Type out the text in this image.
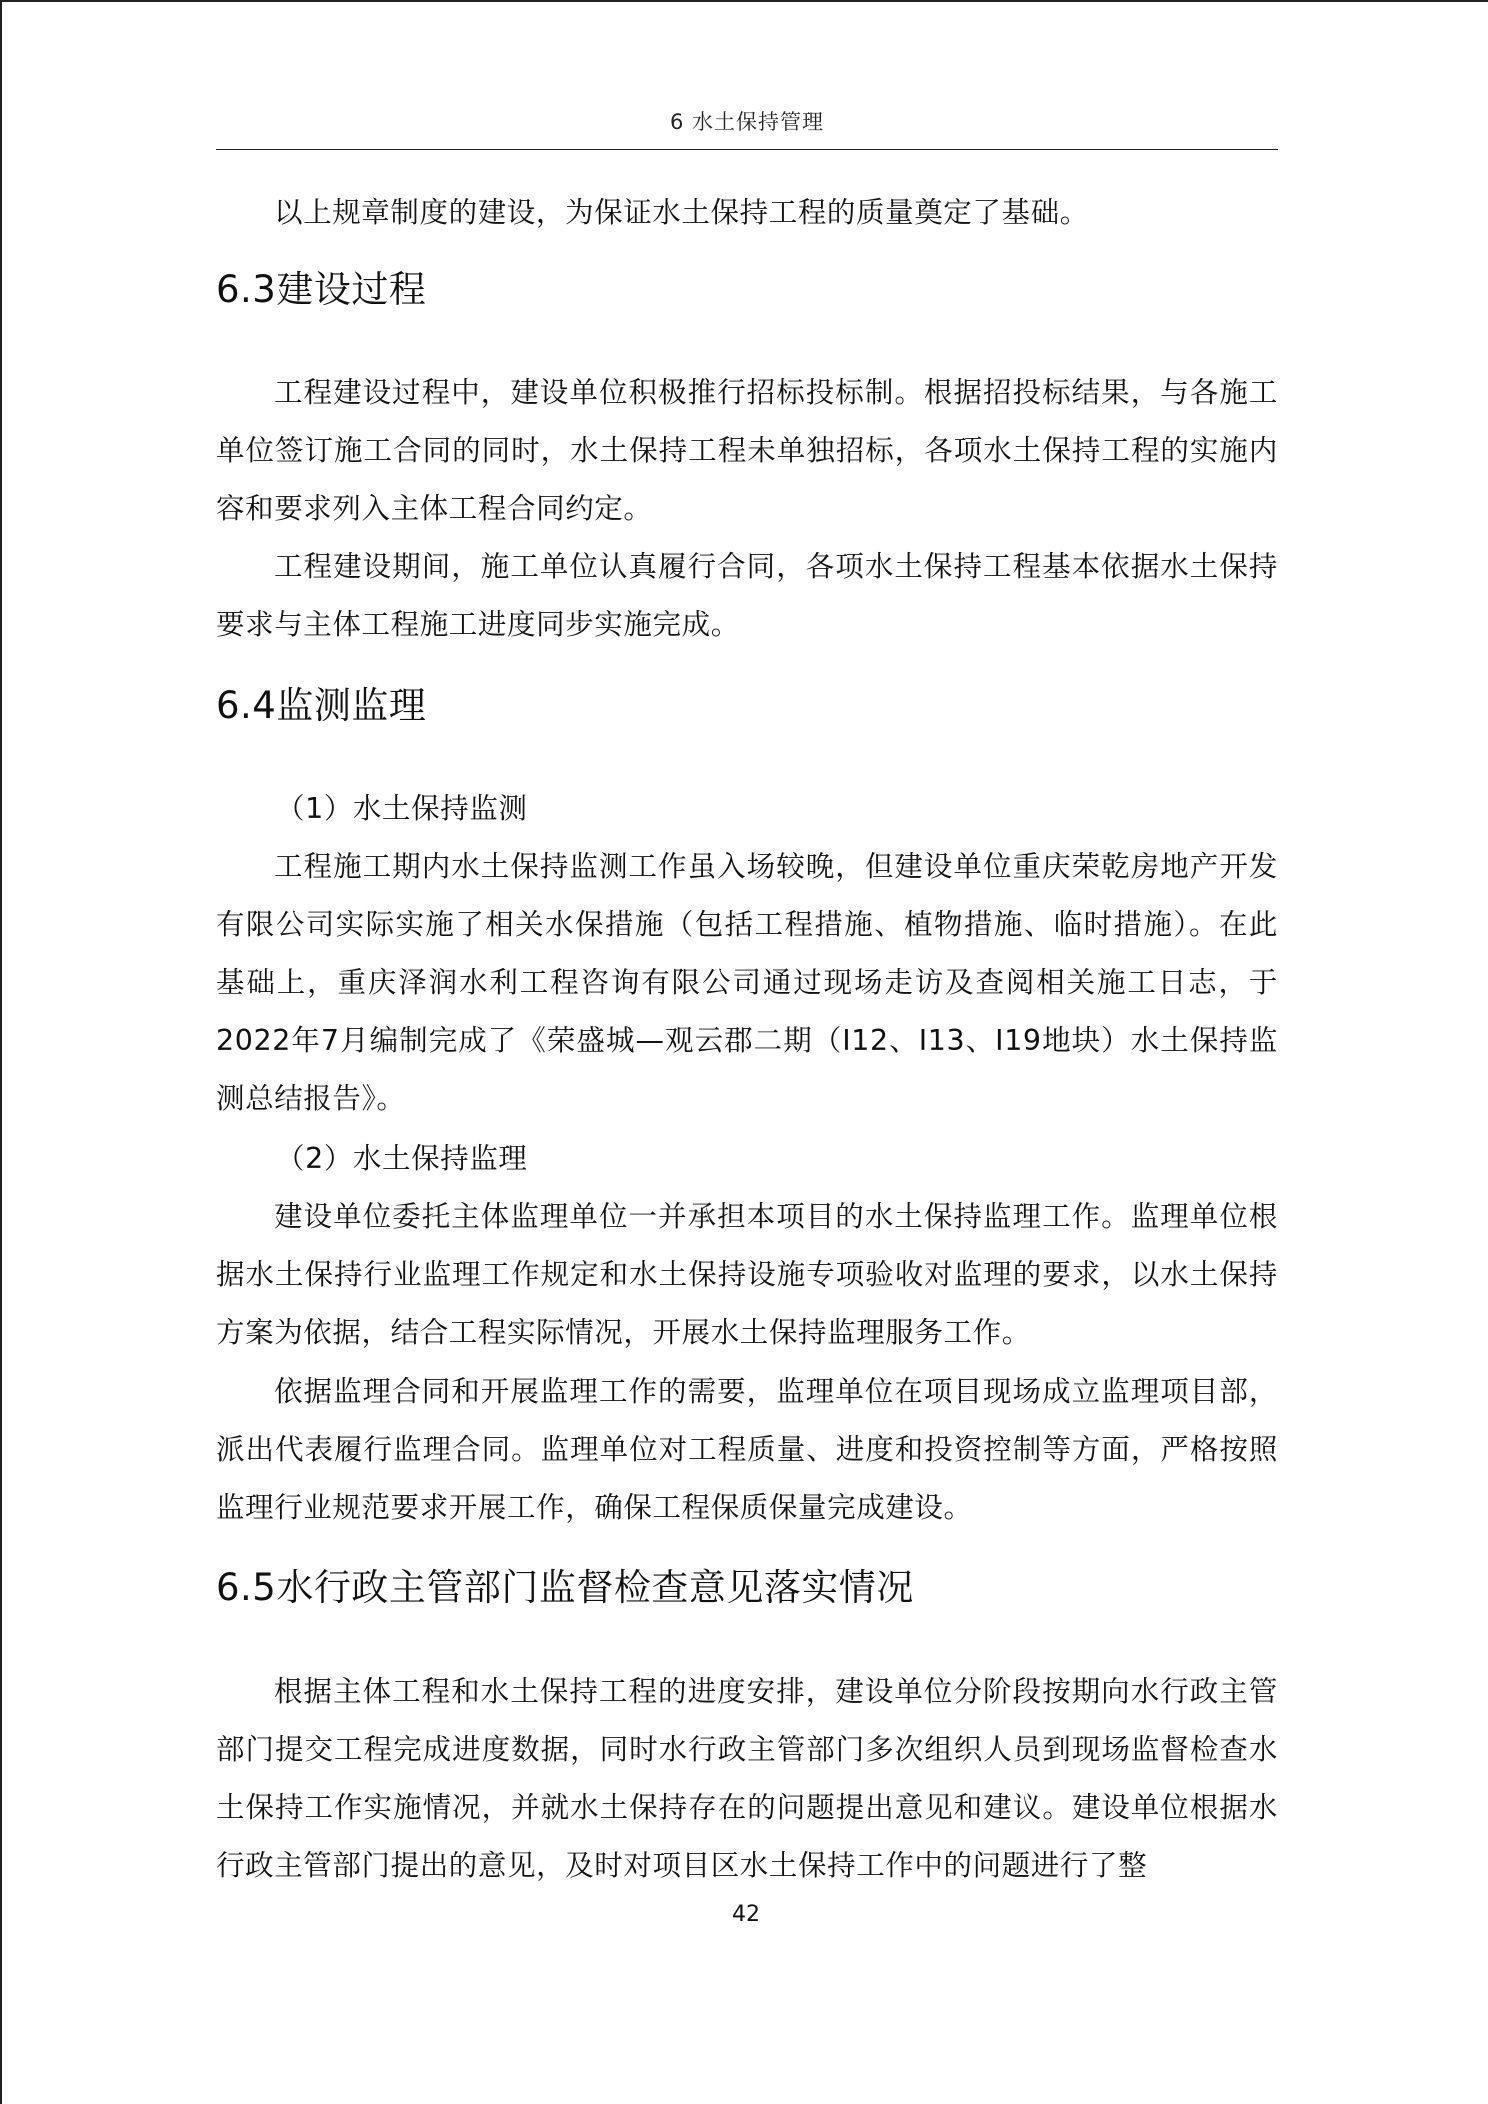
6 水土保持管理

以上规章制度的建设，为保证水土保持工程的质量奠定了基础。

6.3建设过程

工程建设过程中，建设单位积极推行招标投标制。根据招投标结果，与各施工单位签订施工合同的同时，水土保持工程未单独招标，各项水土保持工程的实施内容和要求列入主体工程合同约定。

工程建设期间，施工单位认真履行合同，各项水土保持工程基本依据水土保持要求与主体工程施工进度同步实施完成。

6.4监测监理

（1）水土保持监测

工程施工期内水土保持监测工作虽入场较晚，但建设单位重庆荣乾房地产开发有限公司实际实施了相关水保措施（包括工程措施、植物措施、临时措施）。在此基础上，重庆泽润水利工程咨询有限公司通过现场走访及查阅相关施工日志，于2022年7月编制完成了《荣盛城—观云郡二期（I12、I13、I19地块）水土保持监测总结报告》。

（2）水土保持监理

建设单位委托主体监理单位一并承担本项目的水土保持监理工作。监理单位根据水土保持行业监理工作规定和水土保持设施专项验收对监理的要求，以水土保持方案为依据，结合工程实际情况，开展水土保持监理服务工作。

依据监理合同和开展监理工作的需要，监理单位在项目现场成立监理项目部，派出代表履行监理合同。监理单位对工程质量、进度和投资控制等方面，严格按照监理行业规范要求开展工作，确保工程保质保量完成建设。

6.5水行政主管部门监督检查意见落实情况

根据主体工程和水土保持工程的进度安排，建设单位分阶段按期向水行政主管部门提交工程完成进度数据，同时水行政主管部门多次组织人员到现场监督检查水土保持工作实施情况，并就水土保持存在的问题提出意见和建议。建设单位根据水行政主管部门提出的意见，及时对项目区水土保持工作中的问题进行了整

42
